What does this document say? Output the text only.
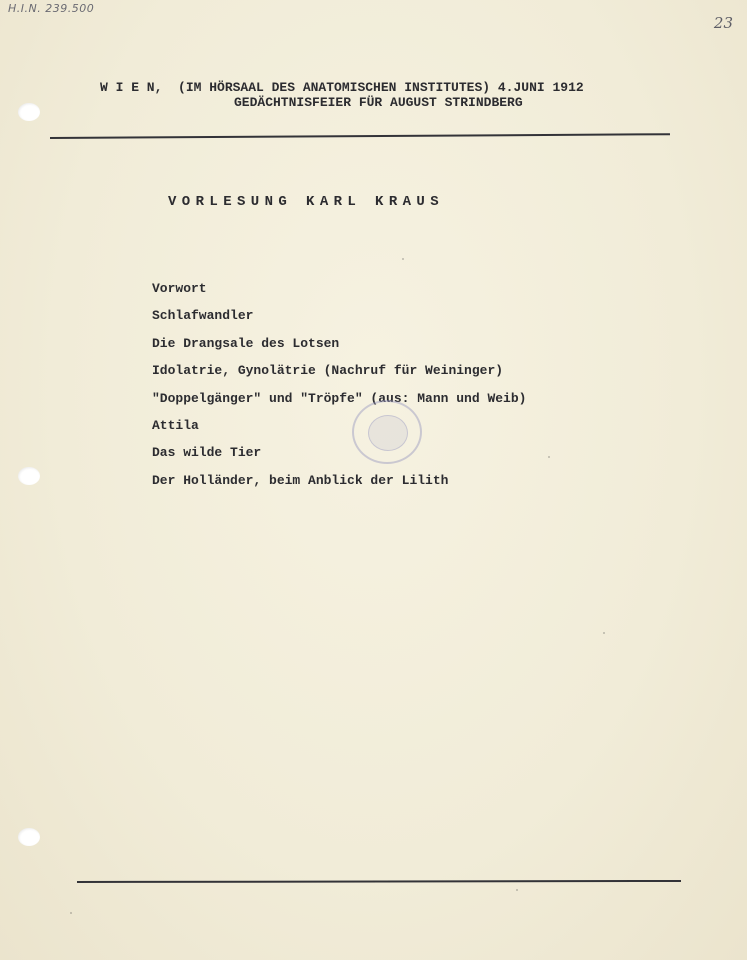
H.I.N. 239.500
23
W I E N,  (IM HÖRSAAL DES ANATOMISCHEN INSTITUTES) 4.JUNI 1912
GEDÄCHTNISFEIER FÜR AUGUST STRINDBERG
VORLESUNG KARL KRAUS
Vorwort
Schlafwandler
Die Drangsale des Lotsen
Idolatrie, Gynolätrie (Nachruf für Weininger)
"Doppelgänger" und "Tröpfe" (aus: Mann und Weib)
Attila
Das wilde Tier
Der Holländer, beim Anblick der Lilith
